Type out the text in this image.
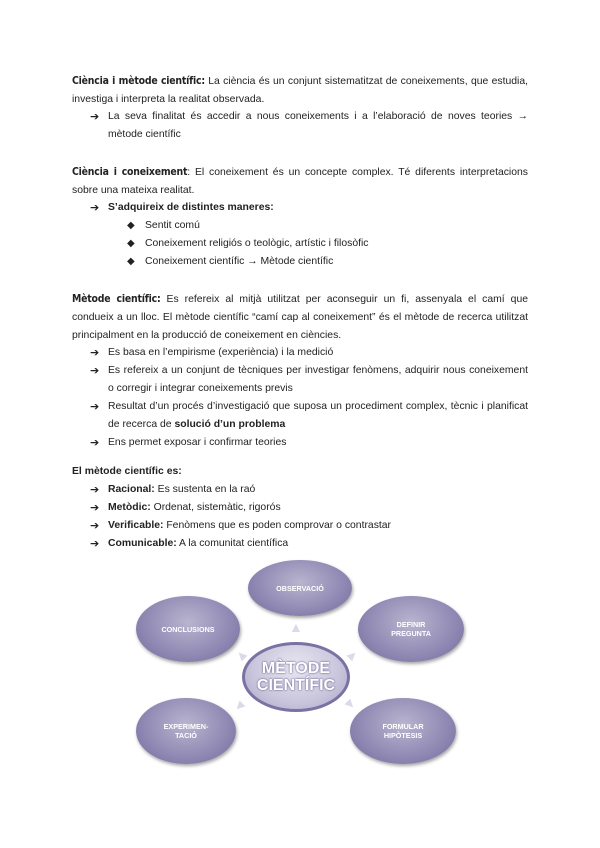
Ciència i mètode científic: La ciència és un conjunt sistematitzat de coneixements, que estudia, investiga i interpreta la realitat observada.
➔ La seva finalitat és accedir a nous coneixements i a l’elaboració de noves teories → mètode científic
Ciència i coneixement: El coneixement és un concepte complex. Té diferents interpretacions sobre una mateixa realitat.
➔ S’adquireix de distintes maneres:
◆ Sentit comú
◆ Coneixement religiós o teològic, artístic i filosòfic
◆ Coneixement científic → Mètode científic
Mètode científic: Es refereix al mitjà utilitzat per aconseguir un fi, assenyala el camí que condueix a un lloc. El mètode científic “camí cap al coneixement” és el mètode de recerca utilitzat principalment en la producció de coneixement en ciències.
➔ Es basa en l’empirisme (experiència) i la medició
➔ Es refereix a un conjunt de tècniques per investigar fenòmens, adquirir nous coneixement o corregir i integrar coneixements previs
➔ Resultat d’un procés d’investigació que suposa un procediment complex, tècnic i planificat de recerca de solució d’un problema
➔ Ens permet exposar i confirmar teories
El mètode científic es:
➔ Racional: Es sustenta en la raó
➔ Metòdic: Ordenat, sistemàtic, rigorós
➔ Verificable: Fenòmens que es poden comprovar o contrastar
➔ Comunicable: A la comunitat científica
OBSERVACIÓ
DEFINIR
PREGUNTA
FORMULAR
HIPÒTESIS
EXPERIMEN-
TACIÓ
CONCLUSIONS
MÈTODE
CIENTÍFIC
▲
▲
▲
▲
▲
